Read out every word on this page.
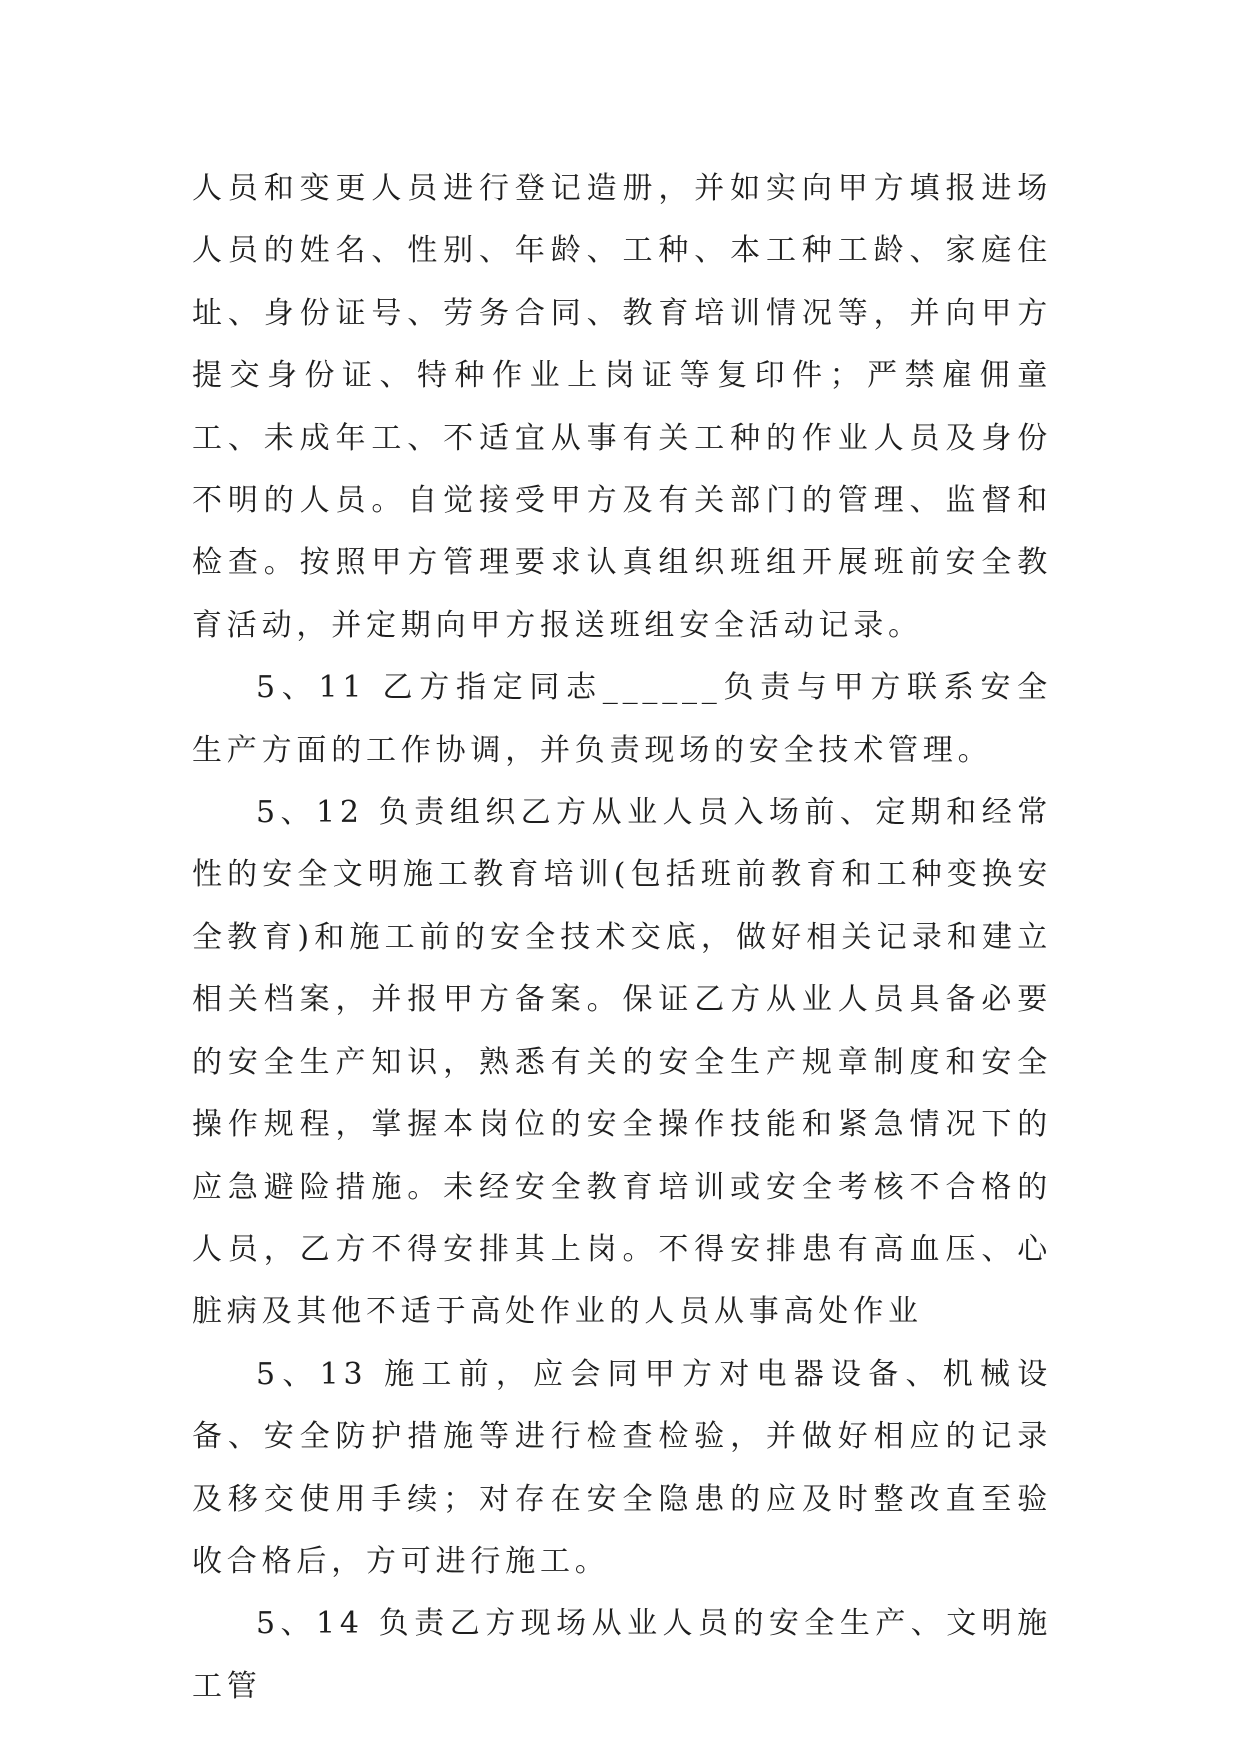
人员和变更人员进行登记造册，并如实向甲方填报进场人员的姓名、性别、年龄、工种、本工种工龄、家庭住址、身份证号、劳务合同、教育培训情况等，并向甲方提交身份证、特种作业上岗证等复印件；严禁雇佣童工、未成年工、不适宜从事有关工种的作业人员及身份不明的人员。自觉接受甲方及有关部门的管理、监督和检查。按照甲方管理要求认真组织班组开展班前安全教育活动，并定期向甲方报送班组安全活动记录。

5、11 乙方指定同志______负责与甲方联系安全生产方面的工作协调，并负责现场的安全技术管理。

5、12 负责组织乙方从业人员入场前、定期和经常性的安全文明施工教育培训(包括班前教育和工种变换安全教育)和施工前的安全技术交底，做好相关记录和建立相关档案，并报甲方备案。保证乙方从业人员具备必要的安全生产知识，熟悉有关的安全生产规章制度和安全操作规程，掌握本岗位的安全操作技能和紧急情况下的应急避险措施。未经安全教育培训或安全考核不合格的人员，乙方不得安排其上岗。不得安排患有高血压、心脏病及其他不适于高处作业的人员从事高处作业

5、13 施工前，应会同甲方对电器设备、机械设备、安全防护措施等进行检查检验，并做好相应的记录及移交使用手续；对存在安全隐患的应及时整改直至验收合格后，方可进行施工。

5、14 负责乙方现场从业人员的安全生产、文明施工管
